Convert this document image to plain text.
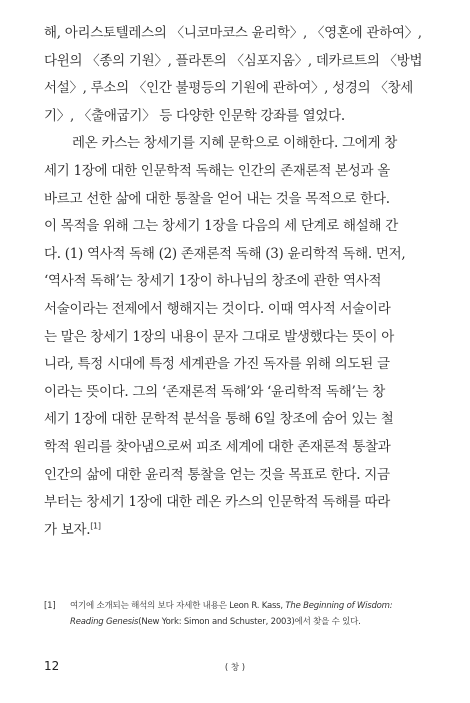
해, 아리스토텔레스의 〈니코마코스 윤리학〉, 〈영혼에 관하여〉,
다윈의 〈종의 기원〉, 플라톤의 〈심포지움〉, 데카르트의 〈방법
서설〉, 루소의 〈인간 불평등의 기원에 관하여〉, 성경의 〈창세
기〉, 〈출애굽기〉 등 다양한 인문학 강좌를 열었다.
레온 카스는 창세기를 지혜 문학으로 이해한다. 그에게 창
세기 1장에 대한 인문학적 독해는 인간의 존재론적 본성과 올
바르고 선한 삶에 대한 통찰을 얻어 내는 것을 목적으로 한다.
이 목적을 위해 그는 창세기 1장을 다음의 세 단계로 해설해 간
다. (1) 역사적 독해 (2) 존재론적 독해 (3) 윤리학적 독해. 먼저,
‘역사적 독해’는 창세기 1장이 하나님의 창조에 관한 역사적
서술이라는 전제에서 행해지는 것이다. 이때 역사적 서술이라
는 말은 창세기 1장의 내용이 문자 그대로 발생했다는 뜻이 아
니라, 특정 시대에 특정 세계관을 가진 독자를 위해 의도된 글
이라는 뜻이다. 그의 ‘존재론적 독해’와 ‘윤리학적 독해’는 창
세기 1장에 대한 문학적 분석을 통해 6일 창조에 숨어 있는 철
학적 원리를 찾아냄으로써 피조 세계에 대한 존재론적 통찰과
인간의 삶에 대한 윤리적 통찰을 얻는 것을 목표로 한다. 지금
부터는 창세기 1장에 대한 레온 카스의 인문학적 독해를 따라
가 보자.[1]
[1] 여기에 소개되는 해석의 보다 자세한 내용은 Leon R. Kass, The Beginning of Wisdom:
Reading Genesis(New York: Simon and Schuster, 2003)에서 찾을 수 있다.
12	( 창 )
